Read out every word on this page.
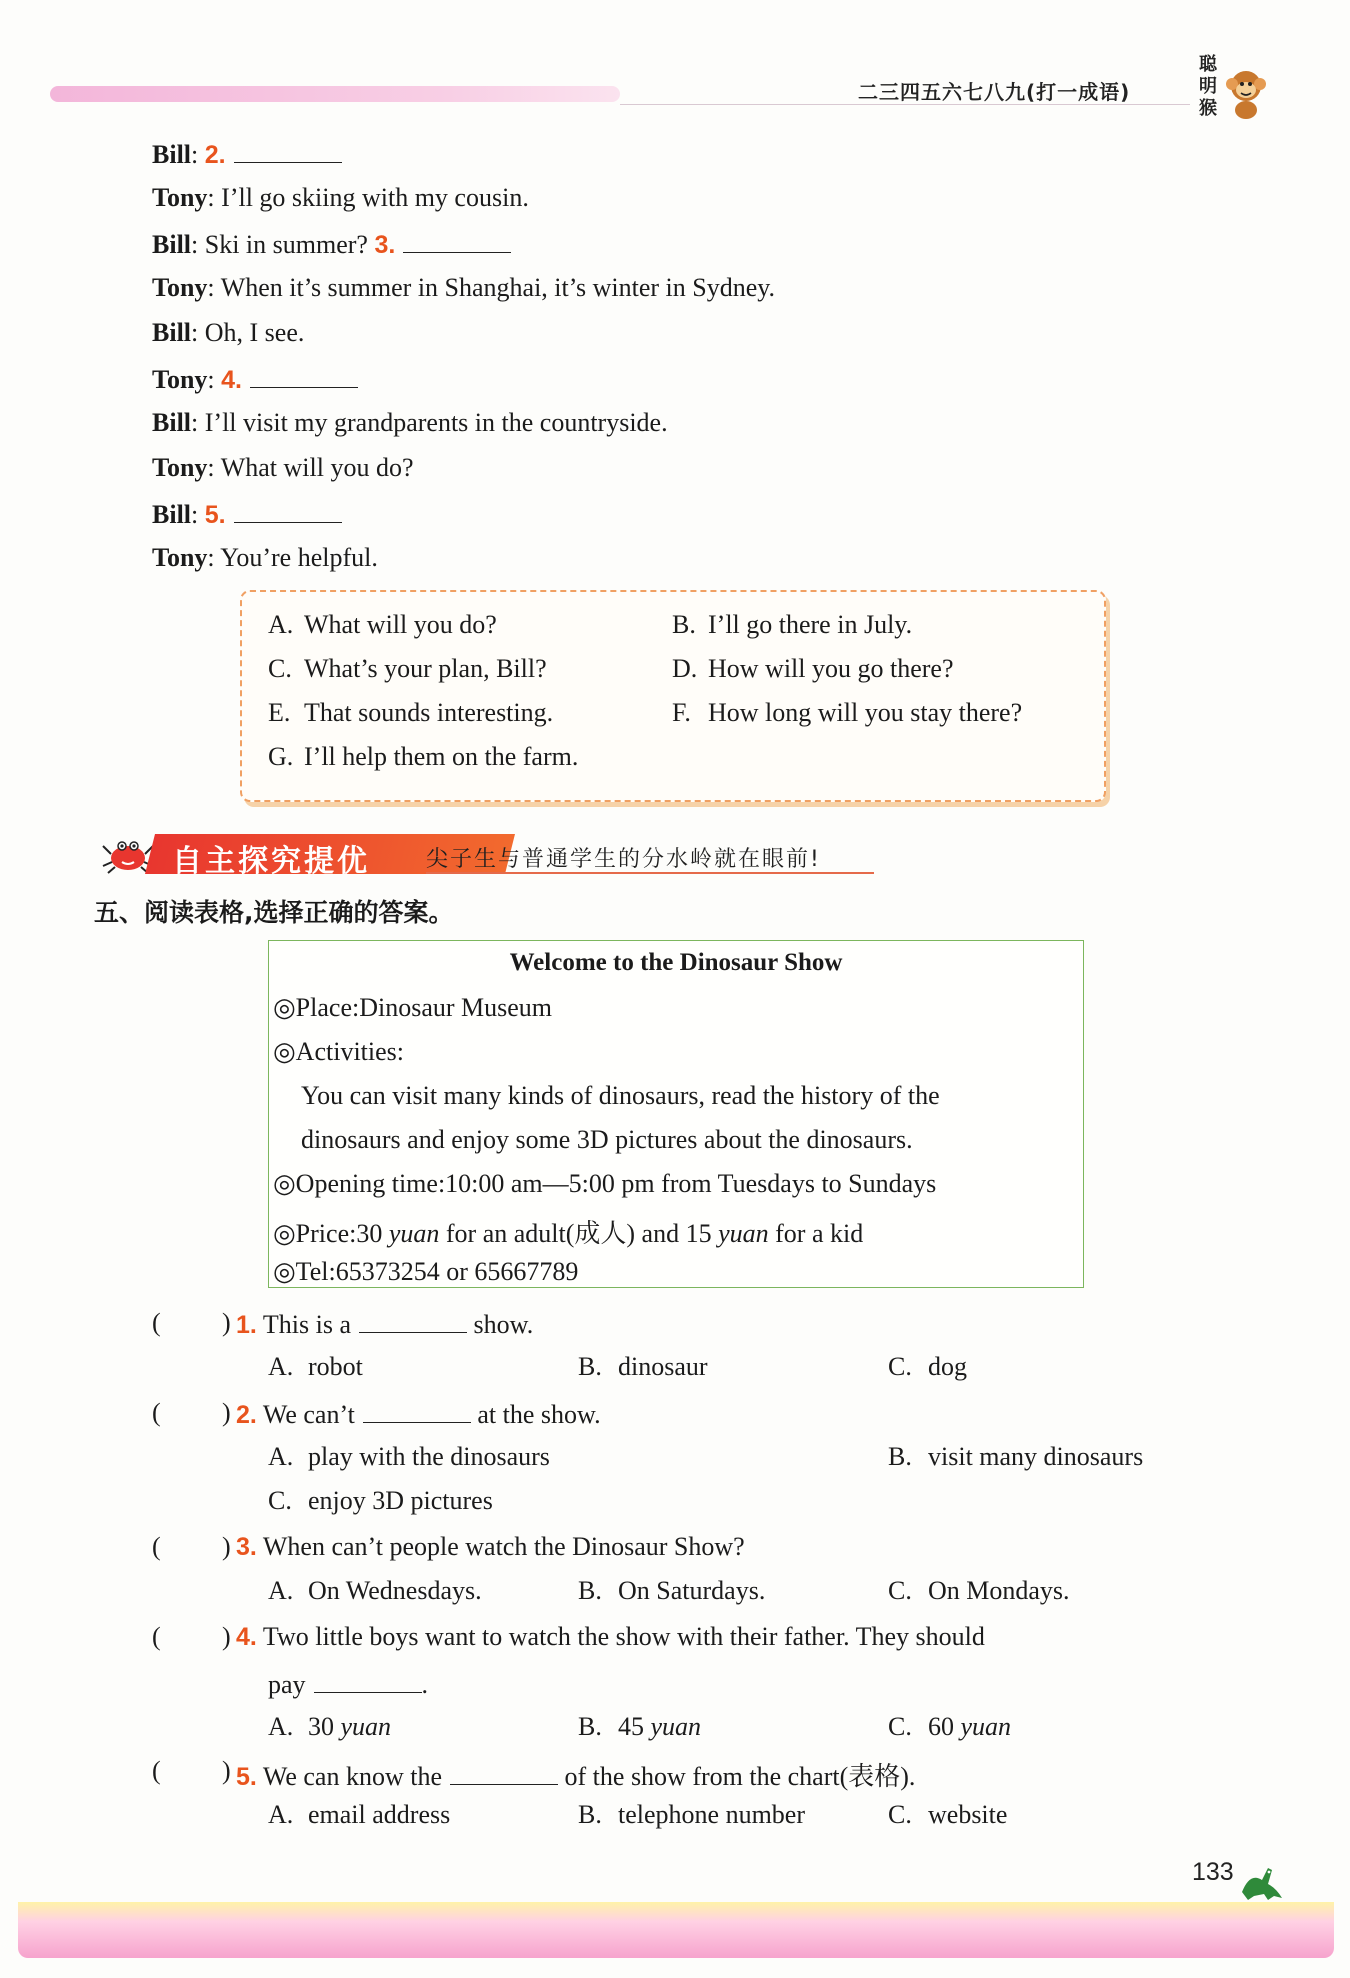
二三四五六七八九(打一成语)
聪
明
猴
Bill: 2.
Tony: I’ll go skiing with my cousin.
Bill: Ski in summer? 3.
Tony: When it’s summer in Shanghai, it’s winter in Sydney.
Bill: Oh, I see.
Tony: 4.
Bill: I’ll visit my grandparents in the countryside.
Tony: What will you do?
Bill: 5.
Tony: You’re helpful.
A. What will you do?	B. I’ll go there in July.
C. What’s your plan, Bill?	D. How will you go there?
E. That sounds interesting.	F. How long will you stay there?
G. I’ll help them on the farm.
自主探究提优	尖子生与普通学生的分水岭就在眼前!
五、阅读表格,选择正确的答案。
Welcome to the Dinosaur Show
◎Place:Dinosaur Museum
◎Activities:
You can visit many kinds of dinosaurs, read the history of the
dinosaurs and enjoy some 3D pictures about the dinosaurs.
◎Opening time:10:00 am—5:00 pm from Tuesdays to Sundays
◎Price:30 yuan for an adult(成人) and 15 yuan for a kid
◎Tel:65373254 or 65667789
( ) 1. This is a	show.
A. robot	B. dinosaur	C. dog
( ) 2. We can’t	at the show.
A. play with the dinosaurs	B. visit many dinosaurs
C. enjoy 3D pictures
( ) 3. When can’t people watch the Dinosaur Show?
A. On Wednesdays.	B. On Saturdays.	C. On Mondays.
( ) 4. Two little boys want to watch the show with their father. They should
pay	.
A. 30 yuan	B. 45 yuan	C. 60 yuan
( ) 5. We can know the	of the show from the chart(表格).
A. email address	B. telephone number	C. website
133
